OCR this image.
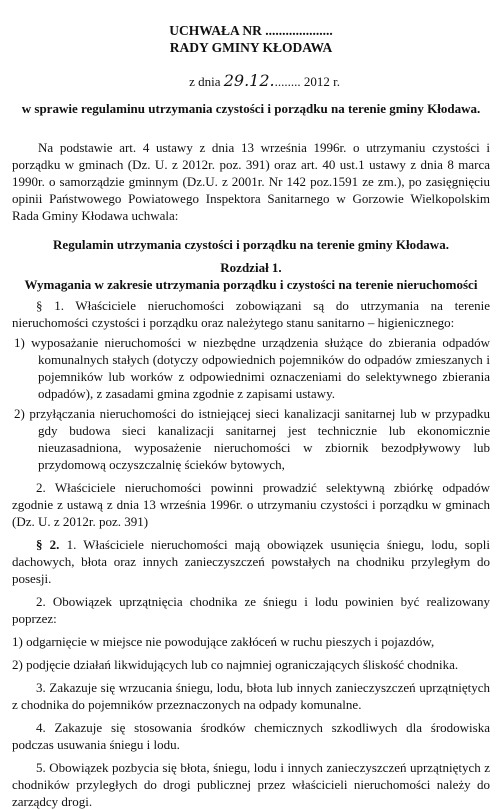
UCHWAŁA NR ....................
RADY GMINY KŁODAWA
z dnia 29.12......... 2012 r.
w sprawie regulaminu utrzymania czystości i porządku na terenie gminy Kłodawa.

Na podstawie art. 4 ustawy z dnia 13 września 1996r. o utrzymaniu czystości i porządku w gminach (Dz. U. z 2012r. poz. 391) oraz art. 40 ust.1 ustawy z dnia 8 marca 1990r. o samorządzie gminnym (Dz.U. z 2001r. Nr 142 poz.1591 ze zm.), po zasięgnięciu opinii Państwowego Powiatowego Inspektora Sanitarnego w Gorzowie Wielkopolskim Rada Gminy Kłodawa uchwala:

Regulamin utrzymania czystości i porządku na terenie gminy Kłodawa.
Rozdział 1.
Wymagania w zakresie utrzymania porządku i czystości na terenie nieruchomości

§ 1. Właściciele nieruchomości zobowiązani są do utrzymania na terenie nieruchomości czystości i porządku oraz należytego stanu sanitarno – higienicznego:

1) wyposażanie nieruchomości w niezbędne urządzenia służące do zbierania odpadów komunalnych stałych (dotyczy odpowiednich pojemników do odpadów zmieszanych i pojemników lub worków z odpowiednimi oznaczeniami do selektywnego zbierania odpadów), z zasadami gmina zgodnie z zapisami ustawy.

2) przyłączania nieruchomości do istniejącej sieci kanalizacji sanitarnej lub w przypadku gdy budowa sieci kanalizacji sanitarnej jest technicznie lub ekonomicznie nieuzasadniona, wyposażenie nieruchomości w zbiornik bezodpływowy lub przydomową oczyszczalnię ścieków bytowych,

2. Właściciele nieruchomości powinni prowadzić selektywną zbiórkę odpadów zgodnie z ustawą z dnia 13 września 1996r. o utrzymaniu czystości i porządku w gminach (Dz. U. z 2012r. poz. 391)

§ 2. 1. Właściciele nieruchomości mają obowiązek usunięcia śniegu, lodu, sopli dachowych, błota oraz innych zanieczyszczeń powstałych na chodniku przyległym do posesji.

2. Obowiązek uprzątnięcia chodnika ze śniegu i lodu powinien być realizowany poprzez:

1) odgarnięcie w miejsce nie powodujące zakłóceń w ruchu pieszych i pojazdów,

2) podjęcie działań likwidujących lub co najmniej ograniczających śliskość chodnika.

3. Zakazuje się wrzucania śniegu, lodu, błota lub innych zanieczyszczeń uprzątniętych z chodnika do pojemników przeznaczonych na odpady komunalne.

4. Zakazuje się stosowania środków chemicznych szkodliwych dla środowiska podczas usuwania śniegu i lodu.

5. Obowiązek pozbycia się błota, śniegu, lodu i innych zanieczyszczeń uprzątniętych z chodników przyległych do drogi publicznej przez właścicieli nieruchomości należy do zarządcy drogi.
